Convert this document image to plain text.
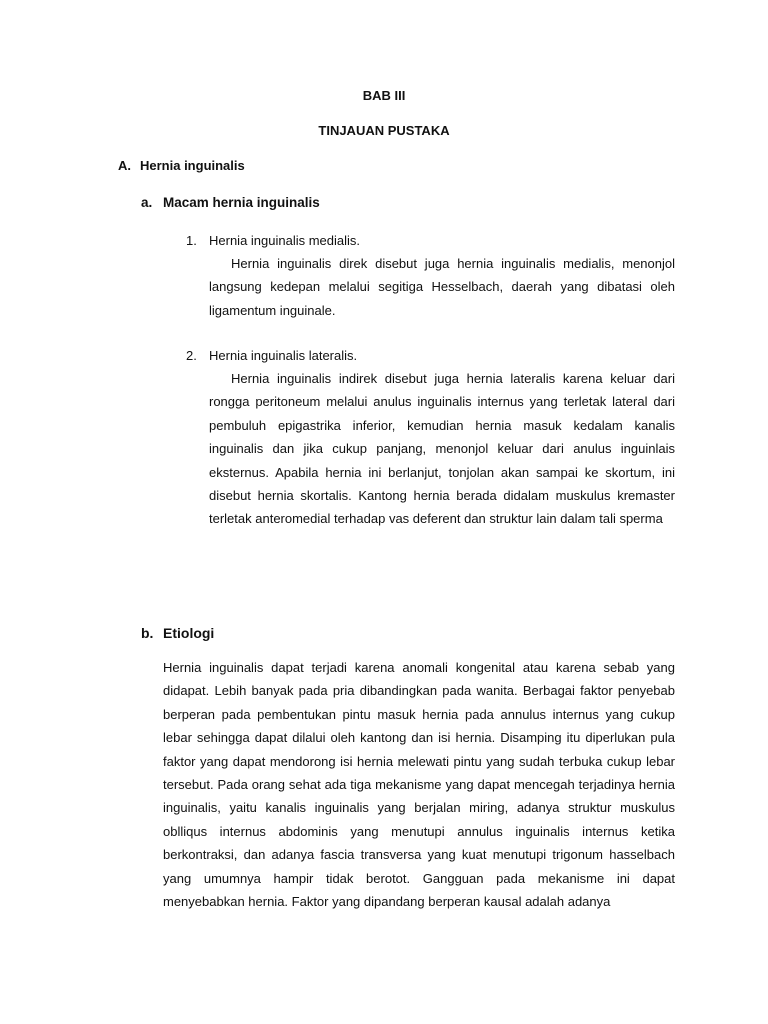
BAB III
TINJAUAN PUSTAKA
A. Hernia inguinalis
a. Macam hernia inguinalis
1. Hernia inguinalis medialis.
Hernia inguinalis direk disebut juga hernia inguinalis medialis, menonjol langsung kedepan melalui segitiga Hesselbach, daerah yang dibatasi oleh ligamentum inguinale.
2. Hernia inguinalis lateralis.
Hernia inguinalis indirek disebut juga hernia lateralis karena keluar dari rongga peritoneum melalui anulus inguinalis internus yang terletak lateral dari pembuluh epigastrika inferior, kemudian hernia masuk kedalam kanalis inguinalis dan jika cukup panjang, menonjol keluar dari anulus inguinlais eksternus. Apabila hernia ini berlanjut, tonjolan akan sampai ke skortum, ini disebut hernia skortalis. Kantong hernia berada didalam muskulus kremaster terletak anteromedial terhadap vas deferent dan struktur lain dalam tali sperma
b. Etiologi
Hernia inguinalis dapat terjadi karena anomali kongenital atau karena sebab yang didapat. Lebih banyak pada pria dibandingkan pada wanita. Berbagai faktor penyebab berperan pada pembentukan pintu masuk hernia pada annulus internus yang cukup lebar sehingga dapat dilalui oleh kantong dan isi hernia. Disamping itu diperlukan pula faktor yang dapat mendorong isi hernia melewati pintu yang sudah terbuka cukup lebar tersebut. Pada orang sehat ada tiga mekanisme yang dapat mencegah terjadinya hernia inguinalis, yaitu kanalis inguinalis yang berjalan miring, adanya struktur muskulus oblliqus internus abdominis yang menutupi annulus inguinalis internus ketika berkontraksi, dan adanya fascia transversa yang kuat menutupi trigonum hasselbach yang umumnya hampir tidak berotot. Gangguan pada mekanisme ini dapat menyebabkan hernia. Faktor yang dipandang berperan kausal adalah adanya
